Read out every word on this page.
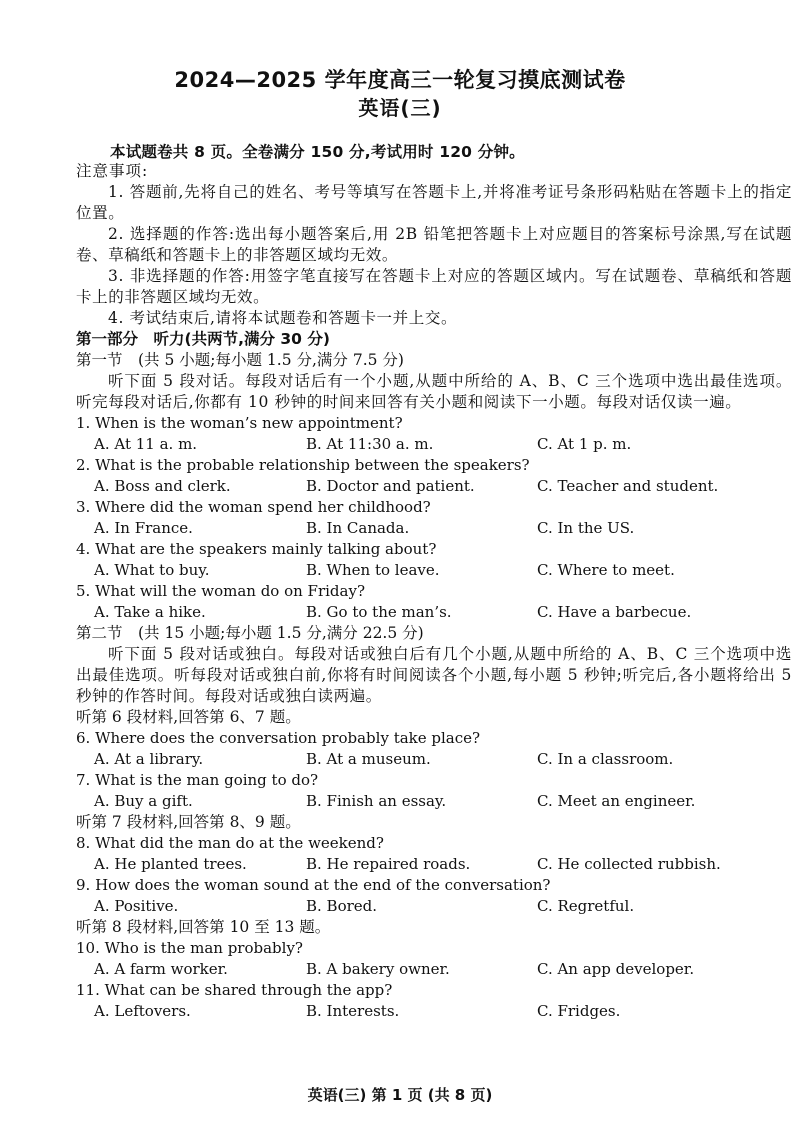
2024—2025 学年度高三一轮复习摸底测试卷
英语(三)
本试题卷共 8 页。全卷满分 150 分,考试用时 120 分钟。

注意事项:

1. 答题前,先将自己的姓名、考号等填写在答题卡上,并将准考证号条形码粘贴在答题卡上的指定位置。

2. 选择题的作答:选出每小题答案后,用 2B 铅笔把答题卡上对应题目的答案标号涂黑,写在试题卷、草稿纸和答题卡上的非答题区域均无效。

3. 非选择题的作答:用签字笔直接写在答题卡上对应的答题区域内。写在试题卷、草稿纸和答题卡上的非答题区域均无效。

4. 考试结束后,请将本试题卷和答题卡一并上交。

第一部分　听力(共两节,满分 30 分)
第一节　(共 5 小题;每小题 1.5 分,满分 7.5 分)

听下面 5 段对话。每段对话后有一个小题,从题中所给的 A、B、C 三个选项中选出最佳选项。听完每段对话后,你都有 10 秒钟的时间来回答有关小题和阅读下一小题。每段对话仅读一遍。

1. When is the woman’s new appointment?
A. At 11 a. m.	B. At 11:30 a. m.	C. At 1 p. m.
2. What is the probable relationship between the speakers?
A. Boss and clerk.	B. Doctor and patient.	C. Teacher and student.
3. Where did the woman spend her childhood?
A. In France.	B. In Canada.	C. In the US.
4. What are the speakers mainly talking about?
A. What to buy.	B. When to leave.	C. Where to meet.
5. What will the woman do on Friday?
A. Take a hike.	B. Go to the man’s.	C. Have a barbecue.
第二节　(共 15 小题;每小题 1.5 分,满分 22.5 分)

听下面 5 段对话或独白。每段对话或独白后有几个小题,从题中所给的 A、B、C 三个选项中选出最佳选项。听每段对话或独白前,你将有时间阅读各个小题,每小题 5 秒钟;听完后,各小题将给出 5 秒钟的作答时间。每段对话或独白读两遍。

听第 6 段材料,回答第 6、7 题。
6. Where does the conversation probably take place?
A. At a library.	B. At a museum.	C. In a classroom.
7. What is the man going to do?
A. Buy a gift.	B. Finish an essay.	C. Meet an engineer.
听第 7 段材料,回答第 8、9 题。
8. What did the man do at the weekend?
A. He planted trees.	B. He repaired roads.	C. He collected rubbish.
9. How does the woman sound at the end of the conversation?
A. Positive.	B. Bored.	C. Regretful.
听第 8 段材料,回答第 10 至 13 题。
10. Who is the man probably?
A. A farm worker.	B. A bakery owner.	C. An app developer.
11. What can be shared through the app?
A. Leftovers.	B. Interests.	C. Fridges.
英语(三) 第 1 页 (共 8 页)
